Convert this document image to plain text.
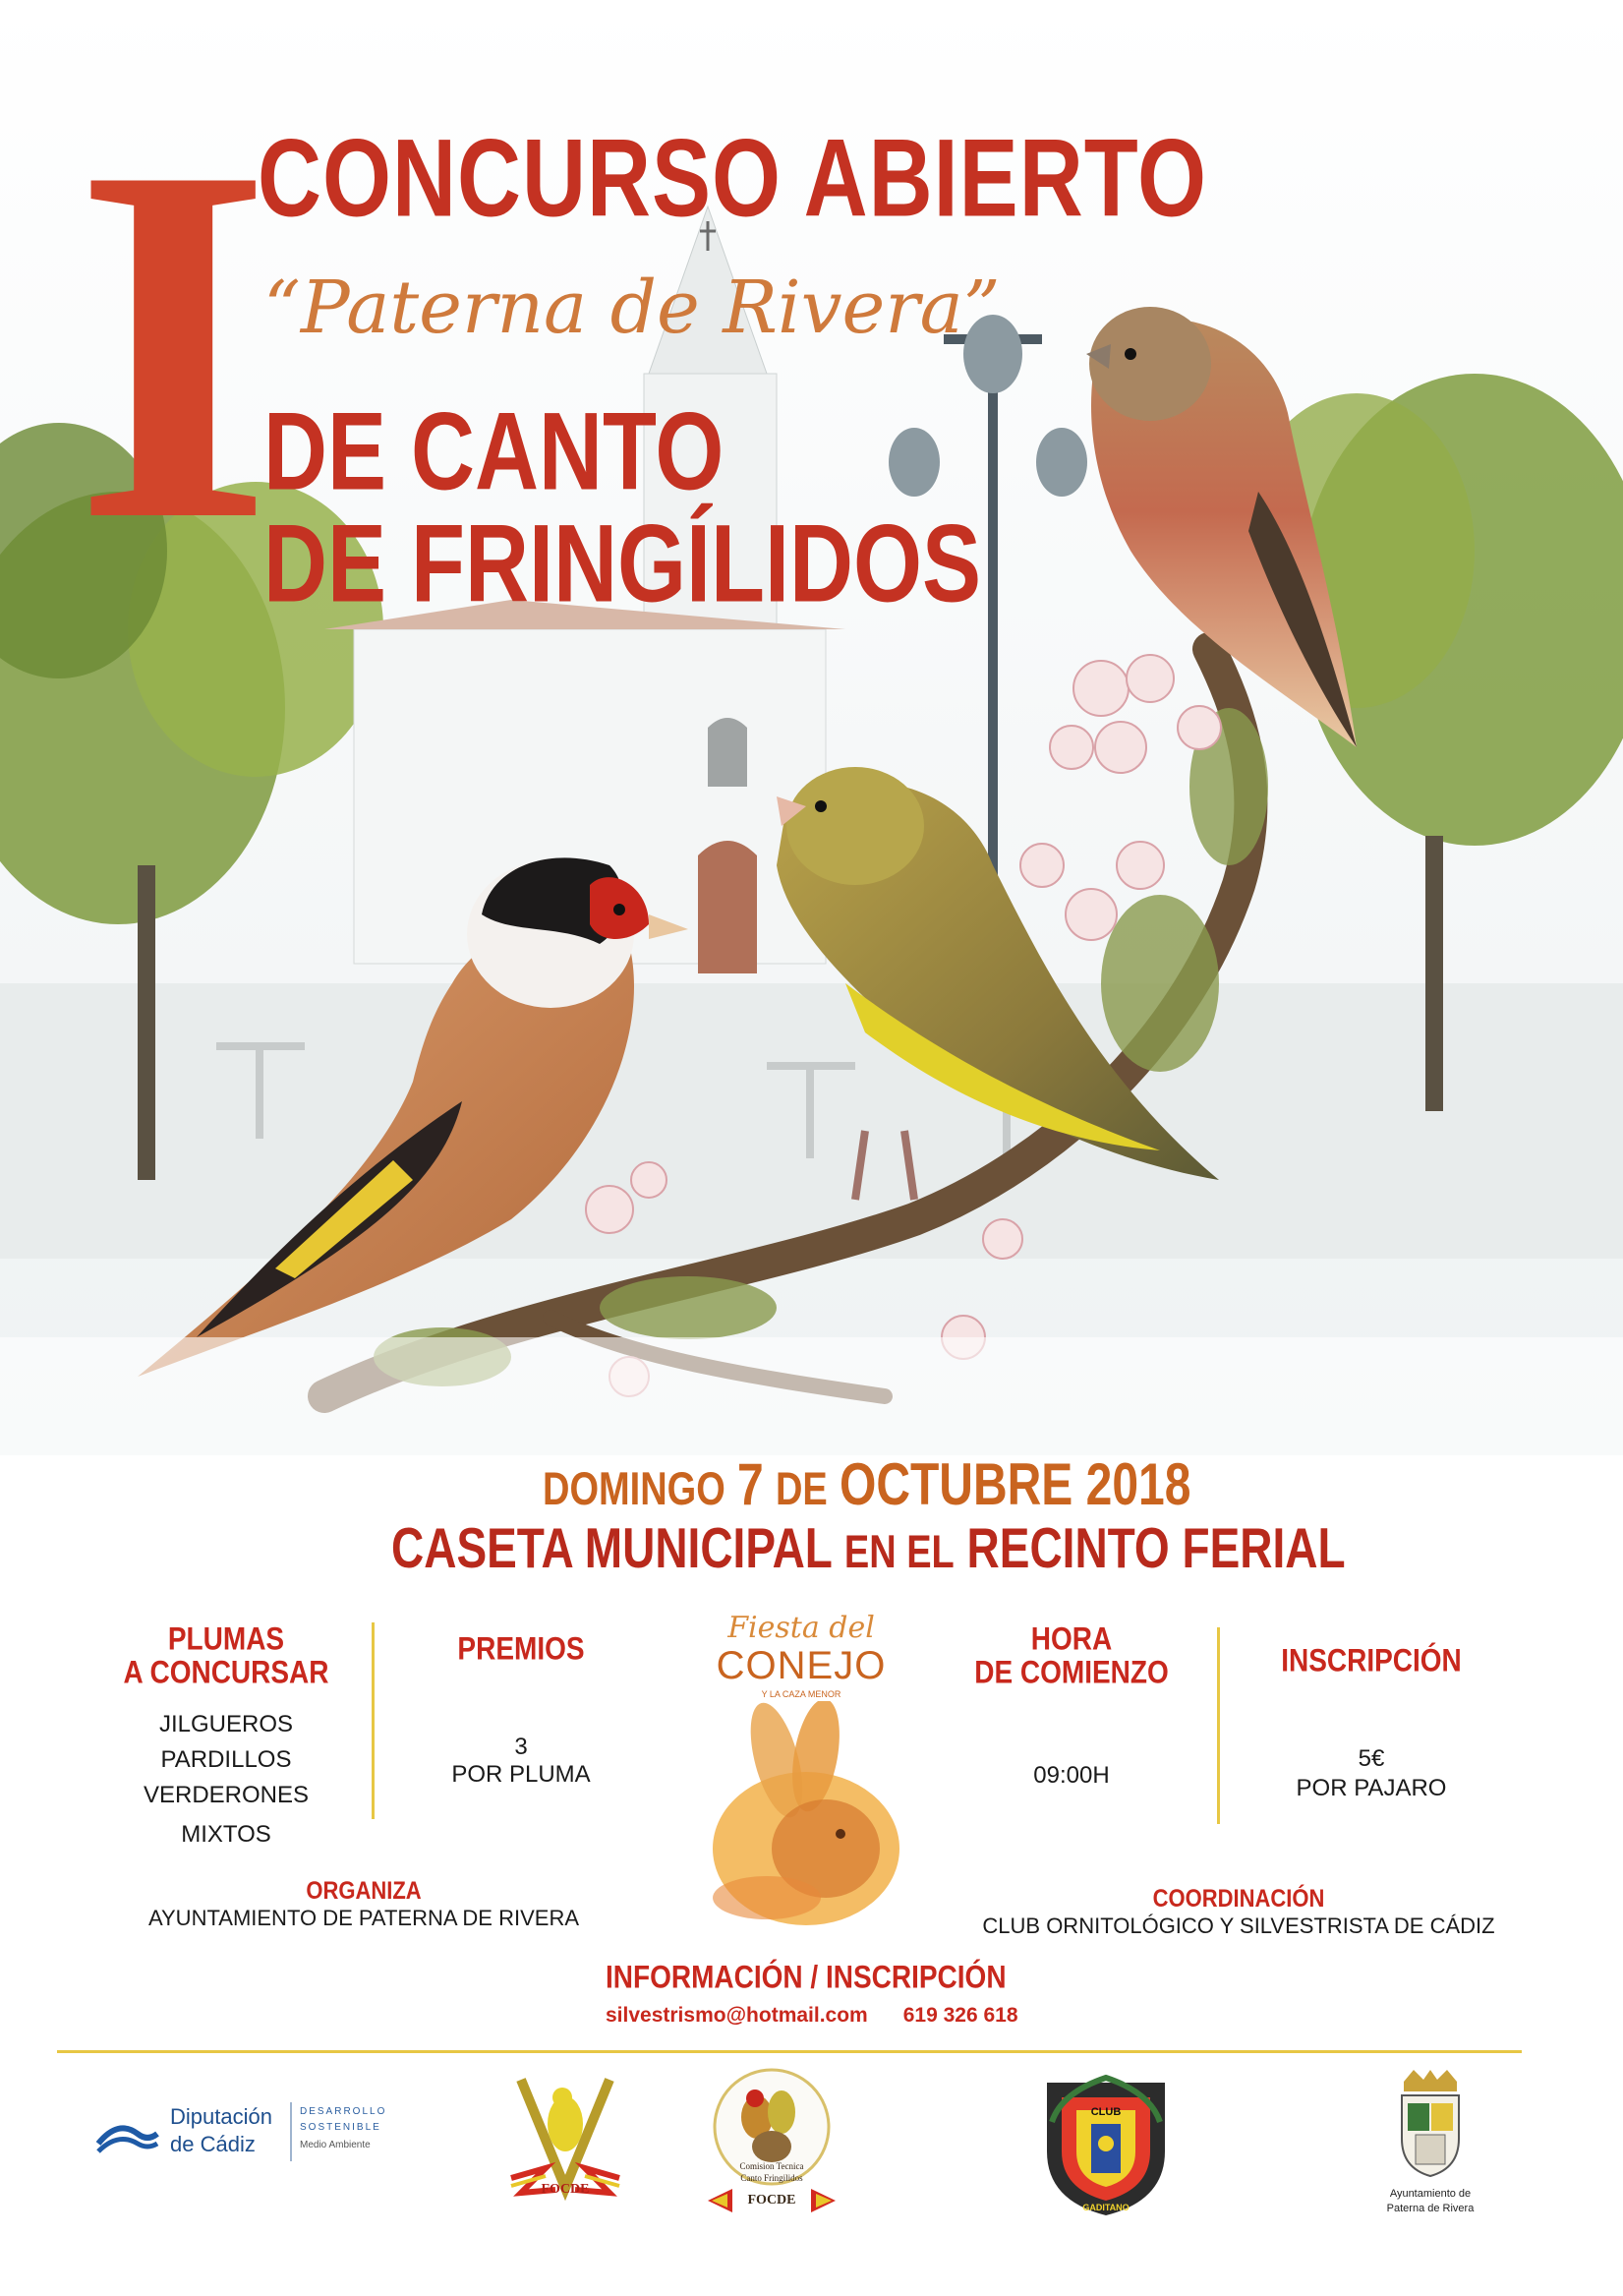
I
CONCURSO ABIERTO
“Paterna de Rivera”
DE CANTO
DE FRINGÍLIDOS
DOMINGO 7 DE OCTUBRE 2018
CASETA MUNICIPAL EN EL RECINTO FERIAL
PLUMAS
A CONCURSAR
JILGUEROS
PARDILLOS
VERDERONES
MIXTOS
PREMIOS
3
POR PLUMA
Fiesta del
CONEJO
Y LA CAZA MENOR
HORA
DE COMIENZO
09:00H
INSCRIPCIÓN
5€
POR PAJARO
ORGANIZA
AYUNTAMIENTO DE PATERNA DE RIVERA
COORDINACIÓN
CLUB ORNITOLÓGICO Y SILVESTRISTA DE CÁDIZ
INFORMACIÓN / INSCRIPCIÓN
silvestrismo@hotmail.com 619 326 618
Diputación
de Cádiz
DESARROLLO
SOSTENIBLE
Medio Ambiente
FOCDE
Comision Tecnica
Canto Fringilidos
FOCDE
CLUB
GADITANO
Ayuntamiento de
Paterna de Rivera
